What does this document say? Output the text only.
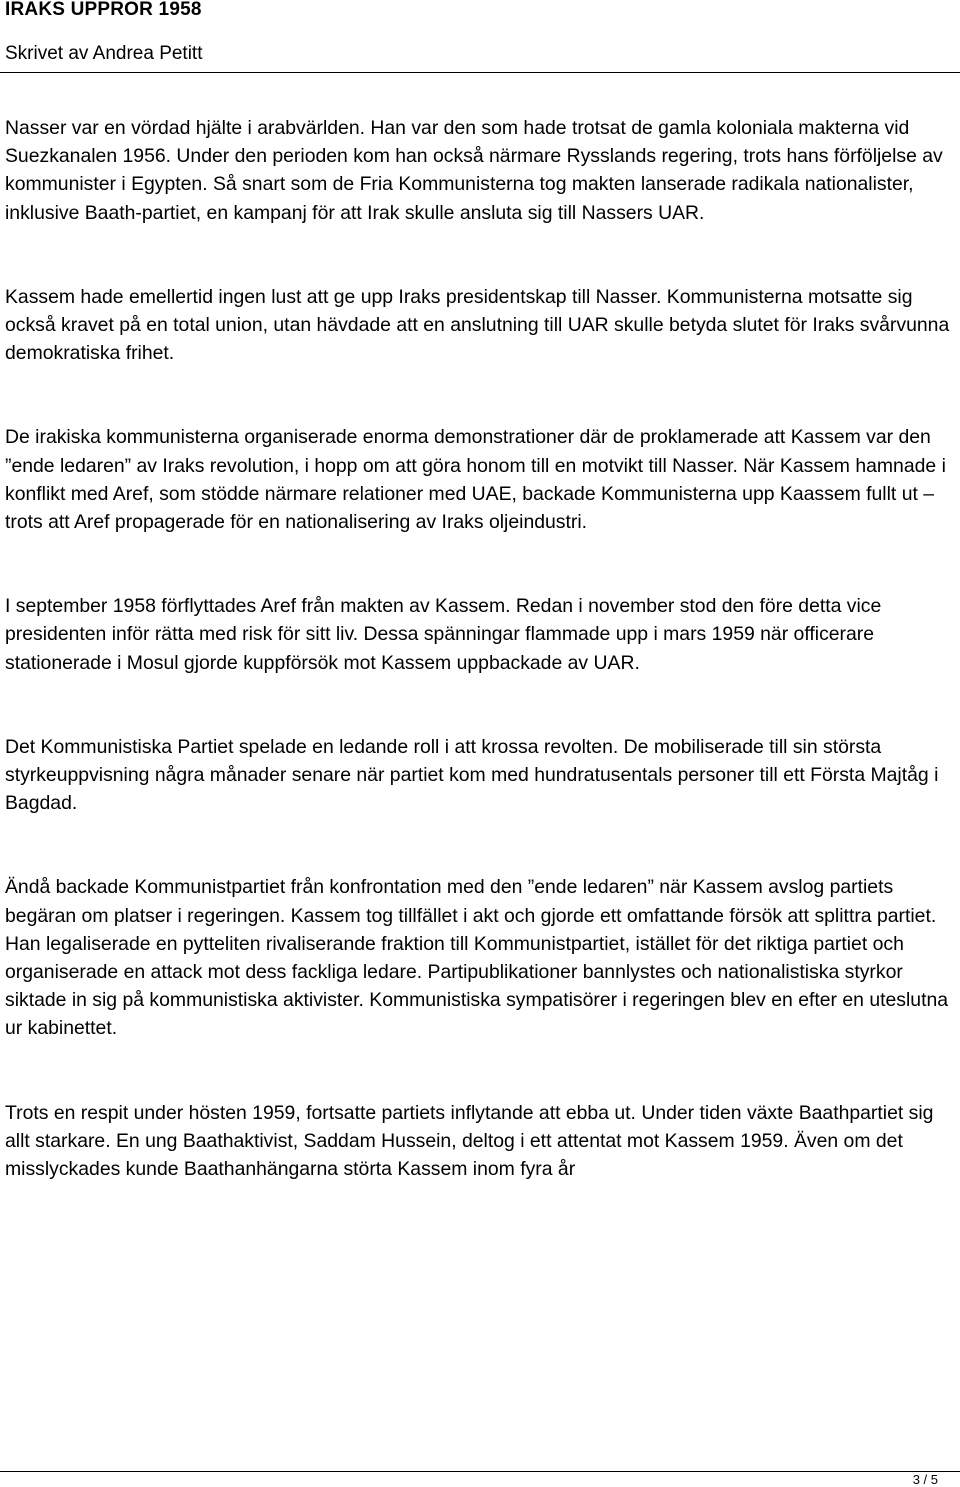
IRAKS UPPROR 1958
Skrivet av Andrea Petitt

Nasser var en vördad hjälte i arabvärlden. Han var den som hade trotsat de gamla koloniala makterna vid Suezkanalen 1956. Under den perioden kom han också närmare Rysslands regering, trots hans förföljelse av kommunister i Egypten. Så snart som de Fria Kommunisterna tog makten lanserade radikala nationalister, inklusive Baath-partiet, en kampanj för att Irak skulle ansluta sig till Nassers UAR.

Kassem hade emellertid ingen lust att ge upp Iraks presidentskap till Nasser. Kommunisterna motsatte sig också kravet på en total union, utan hävdade att en anslutning till UAR skulle betyda slutet för Iraks svårvunna demokratiska frihet.

De irakiska kommunisterna organiserade enorma demonstrationer där de proklamerade att Kassem var den ”ende ledaren” av Iraks revolution, i hopp om att göra honom till en motvikt till Nasser. När Kassem hamnade i konflikt med Aref, som stödde närmare relationer med UAE, backade Kommunisterna upp Kaassem fullt ut – trots att Aref propagerade för en nationalisering av Iraks oljeindustri.

I september 1958 förflyttades Aref från makten av Kassem. Redan i november stod den före detta vice presidenten inför rätta med risk för sitt liv. Dessa spänningar flammade upp i mars 1959 när officerare stationerade i Mosul gjorde kuppförsök mot Kassem uppbackade av UAR.

Det Kommunistiska Partiet spelade en ledande roll i att krossa revolten. De mobiliserade till sin största styrkeuppvisning några månader senare när partiet kom med hundratusentals personer till ett Första Majtåg i Bagdad.

Ändå backade Kommunistpartiet från konfrontation med den ”ende ledaren” när Kassem avslog partiets begäran om platser i regeringen. Kassem tog tillfället i akt och gjorde ett omfattande försök att splittra partiet. Han legaliserade en pytteliten rivaliserande fraktion till Kommunistpartiet, istället för det riktiga partiet och organiserade en attack mot dess fackliga ledare. Partipublikationer bannlystes och nationalistiska styrkor siktade in sig på kommunistiska aktivister. Kommunistiska sympatisörer i regeringen blev en efter en uteslutna ur kabinettet.

Trots en respit under hösten 1959, fortsatte partiets inflytande att ebba ut. Under tiden växte Baathpartiet sig allt starkare. En ung Baathaktivist, Saddam Hussein, deltog i ett attentat mot Kassem 1959. Även om det misslyckades kunde Baathanhängarna störta Kassem inom fyra år

3 / 5
